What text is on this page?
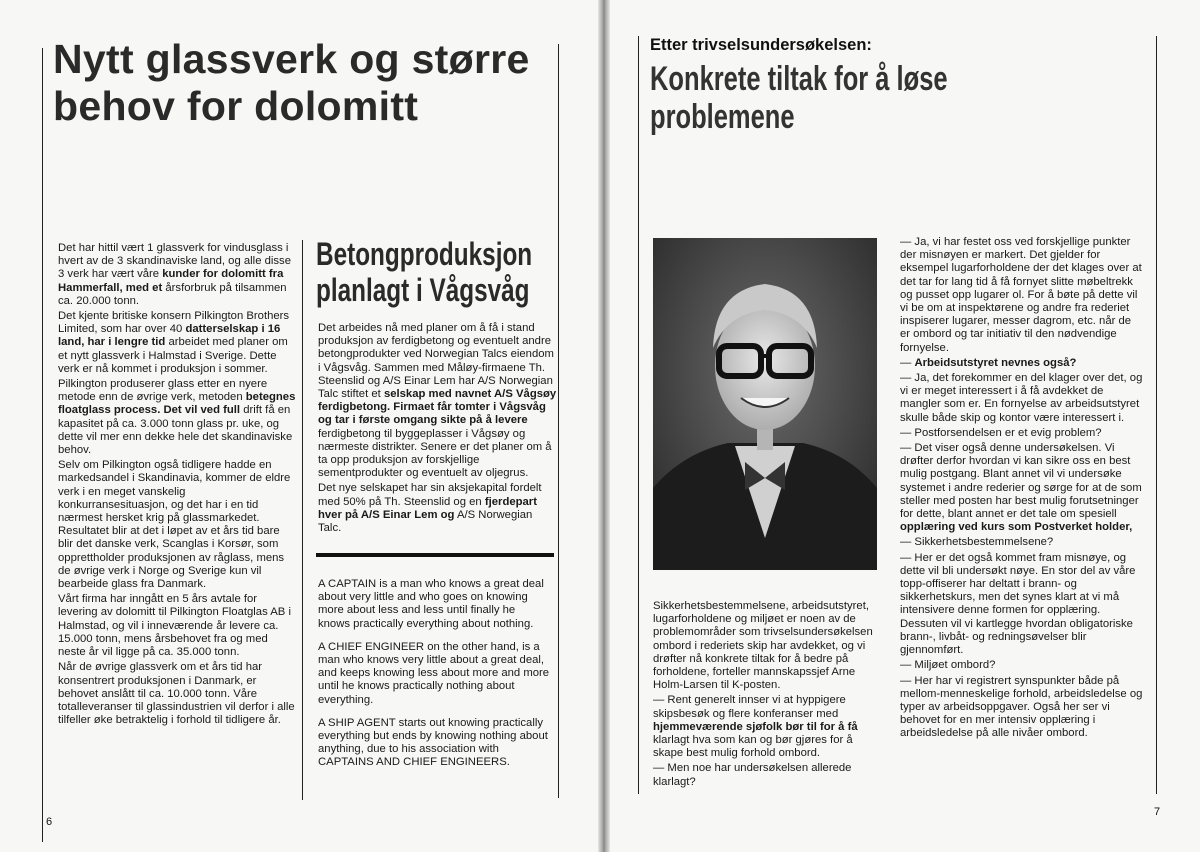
Nytt glassverk og større behov for dolomitt

Det har hittil vært 1 glassverk for vindusglass i hvert av de 3 skandinaviske land, og alle disse 3 verk har vært våre kunder for dolomitt fra Hammerfall, med et årsforbruk på tilsammen ca. 20.000 tonn.

Det kjente britiske konsern Pilkington Brothers Limited, som har over 40 datterselskap i 16 land, har i lengre tid arbeidet med planer om et nytt glassverk i Halmstad i Sverige. Dette verk er nå kommet i produksjon i sommer.

Pilkington produserer glass etter en nyere metode enn de øvrige verk, metoden betegnes floatglass process. Det vil ved full drift få en kapasitet på ca. 3.000 tonn glass pr. uke, og dette vil mer enn dekke hele det skandinaviske behov.

Selv om Pilkington også tidligere hadde en markedsandel i Skandinavia, kommer de eldre verk i en meget vanskelig konkurransesituasjon, og det har i en tid nærmest hersket krig på glassmarkedet. Resultatet blir at det i løpet av et års tid bare blir det danske verk, Scanglas i Korsør, som opprettholder produksjonen av råglass, mens de øvrige verk i Norge og Sverige kun vil bearbeide glass fra Danmark.

Vårt firma har inngått en 5 års avtale for levering av dolomitt til Pilkington Floatglas AB i Halmstad, og vil i inneværende år levere ca. 15.000 tonn, mens årsbehovet fra og med neste år vil ligge på ca. 35.000 tonn.

Når de øvrige glassverk om et års tid har konsentrert produksjonen i Danmark, er behovet anslått til ca. 10.000 tonn. Våre totalleveranser til glassindustrien vil derfor i alle tilfeller øke betraktelig i forhold til tidligere år.

Betongproduksjon
planlagt i Vågsvåg

Det arbeides nå med planer om å få i stand produksjon av ferdigbetong og eventuelt andre betongprodukter ved Norwegian Talcs eiendom i Vågsvåg. Sammen med Måløy-firmaene Th. Steenslid og A/S Einar Lem har A/S Norwegian Talc stiftet et selskap med navnet A/S Vågsøy ferdigbetong. Firmaet får tomter i Vågsvåg og tar i første omgang sikte på å levere ferdigbetong til byggeplasser i Vågsøy og nærmeste distrikter. Senere er det planer om å ta opp produksjon av forskjellige sementprodukter og eventuelt av oljegrus.

Det nye selskapet har sin aksjekapital fordelt med 50% på Th. Steenslid og en fjerdepart hver på A/S Einar Lem og A/S Norwegian Talc.

A CAPTAIN is a man who knows a great deal about very little and who goes on knowing more about less and less until finally he knows practically everything about nothing.

A CHIEF ENGINEER on the other hand, is a man who knows very little about a great deal, and keeps knowing less about more and more until he knows practically nothing about everything.

A SHIP AGENT starts out knowing practically everything but ends by knowing nothing about anything, due to his association with CAPTAINS AND CHIEF ENGINEERS.

6
Etter trivselsundersøkelsen:
Konkrete tiltak for å løse problemene

Sikkerhetsbestemmelsene, arbeidsutstyret, lugarforholdene og miljøet er noen av de problemområder som trivselsundersøkelsen ombord i rederiets skip har avdekket, og vi drøfter nå konkrete tiltak for å bedre på forholdene, forteller mannskapssjef Arne Holm-Larsen til K-posten.

— Rent generelt innser vi at hyppigere skipsbesøk og flere konferanser med hjemmeværende sjøfolk bør til for å få klarlagt hva som kan og bør gjøres for å skape best mulig forhold ombord.

— Men noe har undersøkelsen allerede klarlagt?

— Ja, vi har festet oss ved forskjellige punkter der misnøyen er markert. Det gjelder for eksempel lugarforholdene der det klages over at det tar for lang tid å få fornyet slitte møbeltrekk og pusset opp lugarer ol. For å bøte på dette vil vi be om at inspektørene og andre fra rederiet inspiserer lugarer, messer dagrom, etc. når de er ombord og tar initiativ til den nødvendige fornyelse.

— Arbeidsutstyret nevnes også?

— Ja, det forekommer en del klager over det, og vi er meget interessert i å få avdekket de mangler som er. En fornyelse av arbeidsutstyret skulle både skip og kontor være interessert i.

— Postforsendelsen er et evig problem?

— Det viser også denne undersøkelsen. Vi drøfter derfor hvordan vi kan sikre oss en best mulig postgang. Blant annet vil vi undersøke systemet i andre rederier og sørge for at de som steller med posten har best mulig forutsetninger for dette, blant annet er det tale om spesiell opplæring ved kurs som Postverket holder,

— Sikkerhetsbestemmelsene?

— Her er det også kommet fram misnøye, og dette vil bli undersøkt nøye. En stor del av våre topp-offiserer har deltatt i brann- og sikkerhetskurs, men det synes klart at vi må intensivere denne formen for opplæring. Dessuten vil vi kartlegge hvordan obligatoriske brann-, livbåt- og redningsøvelser blir gjennomført.

— Miljøet ombord?

— Her har vi registrert synspunkter både på mellom-menneskelige forhold, arbeidsledelse og typer av arbeidsoppgaver. Også her ser vi behovet for en mer intensiv opplæring i arbeidsledelse på alle nivåer ombord.

7
